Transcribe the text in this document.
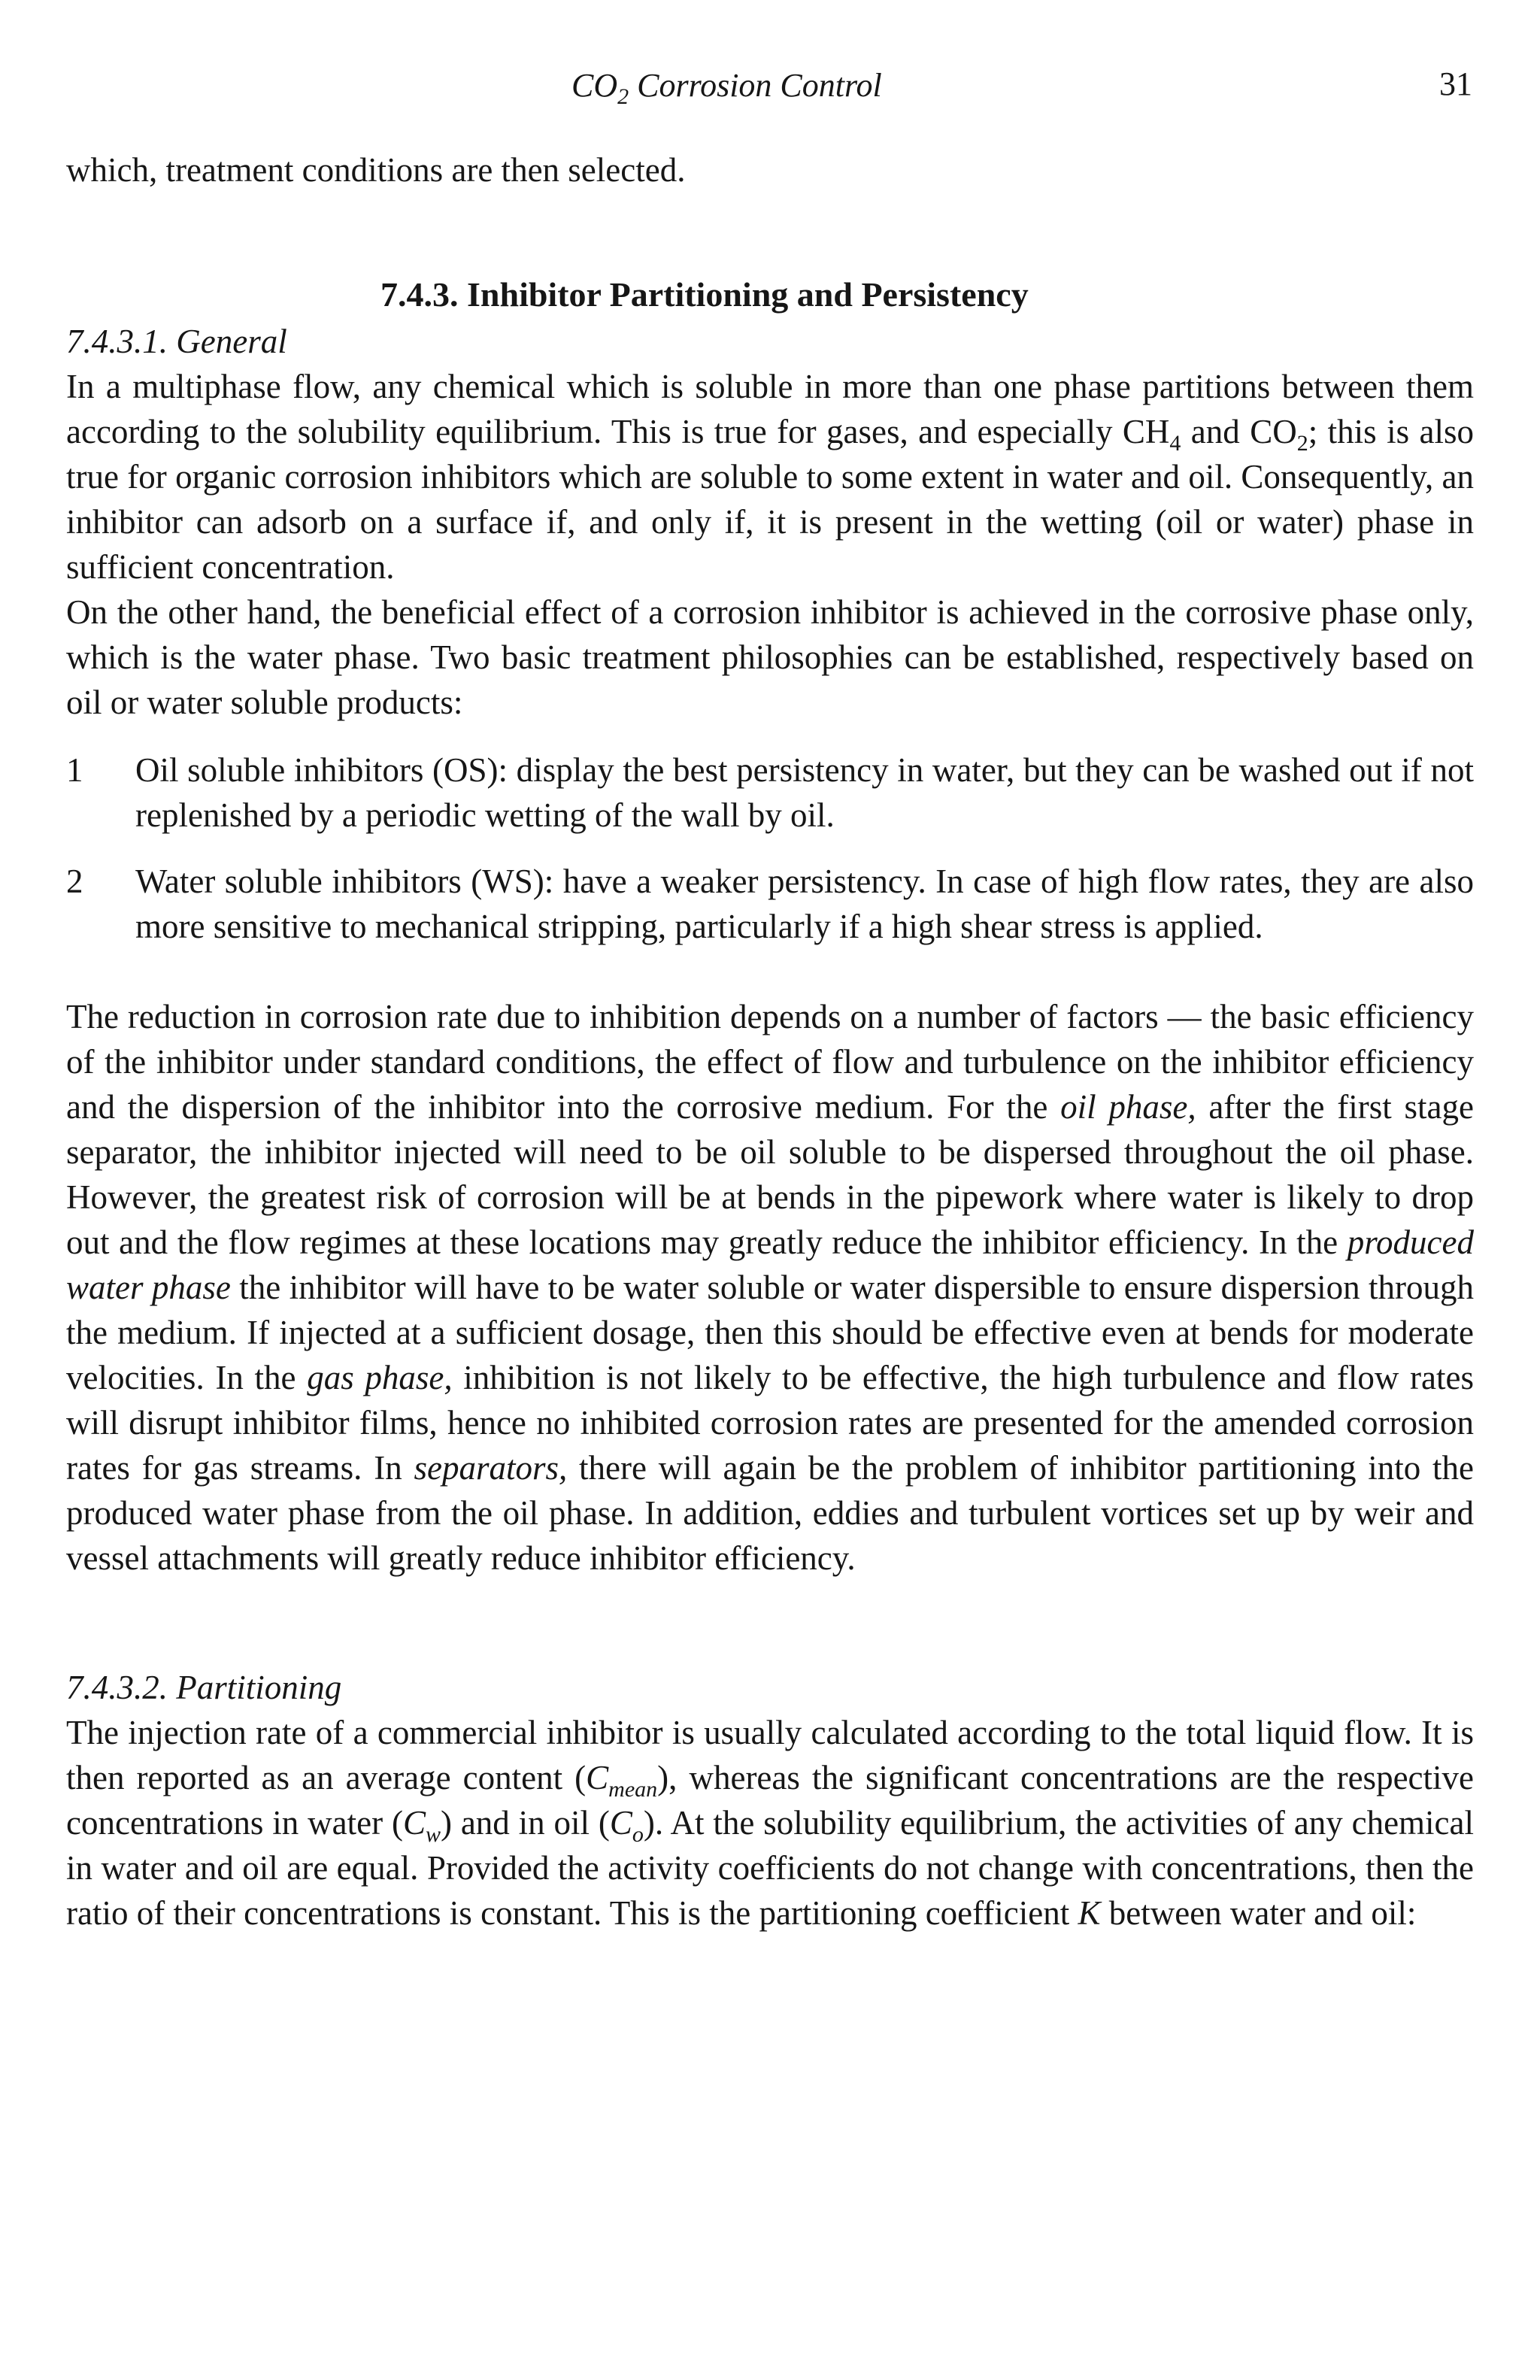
$CO_2$ Corrosion Control	31

which, treatment conditions are then selected.

7.4.3. Inhibitor Partitioning and Persistency
7.4.3.1. General

In a multiphase flow, any chemical which is soluble in more than one phase partitions between them according to the solubility equilibrium. This is true for gases, and especially $CH_4$ and $CO_2$; this is also true for organic corrosion inhibitors which are soluble to some extent in water and oil. Consequently, an inhibitor can adsorb on a surface if, and only if, it is present in the wetting (oil or water) phase in sufficient concentration.

On the other hand, the beneficial effect of a corrosion inhibitor is achieved in the corrosive phase only, which is the water phase. Two basic treatment philosophies can be established, respectively based on oil or water soluble products:

1	Oil soluble inhibitors (OS): display the best persistency in water, but they can be washed out if not replenished by a periodic wetting of the wall by oil.
2	Water soluble inhibitors (WS): have a weaker persistency. In case of high flow rates, they are also more sensitive to mechanical stripping, particularly if a high shear stress is applied.

The reduction in corrosion rate due to inhibition depends on a number of factors — the basic efficiency of the inhibitor under standard conditions, the effect of flow and turbulence on the inhibitor efficiency and the dispersion of the inhibitor into the corrosive medium. For the oil phase, after the first stage separator, the inhibitor injected will need to be oil soluble to be dispersed throughout the oil phase. However, the greatest risk of corrosion will be at bends in the pipework where water is likely to drop out and the flow regimes at these locations may greatly reduce the inhibitor efficiency. In the produced water phase the inhibitor will have to be water soluble or water dispersible to ensure dispersion through the medium. If injected at a sufficient dosage, then this should be effective even at bends for moderate velocities. In the gas phase, inhibition is not likely to be effective, the high turbulence and flow rates will disrupt inhibitor films, hence no inhibited corrosion rates are presented for the amended corrosion rates for gas streams. In separators, there will again be the problem of inhibitor partitioning into the produced water phase from the oil phase. In addition, eddies and turbulent vortices set up by weir and vessel attachments will greatly reduce inhibitor efficiency.

7.4.3.2. Partitioning

The injection rate of a commercial inhibitor is usually calculated according to the total liquid flow. It is then reported as an average content $(C_{mean})$, whereas the significant concentrations are the respective concentrations in water $(C_w)$ and in oil $(C_o)$. At the solubility equilibrium, the activities of any chemical in water and oil are equal. Provided the activity coefficients do not change with concentrations, then the ratio of their concentrations is constant. This is the partitioning coefficient K between water and oil:
